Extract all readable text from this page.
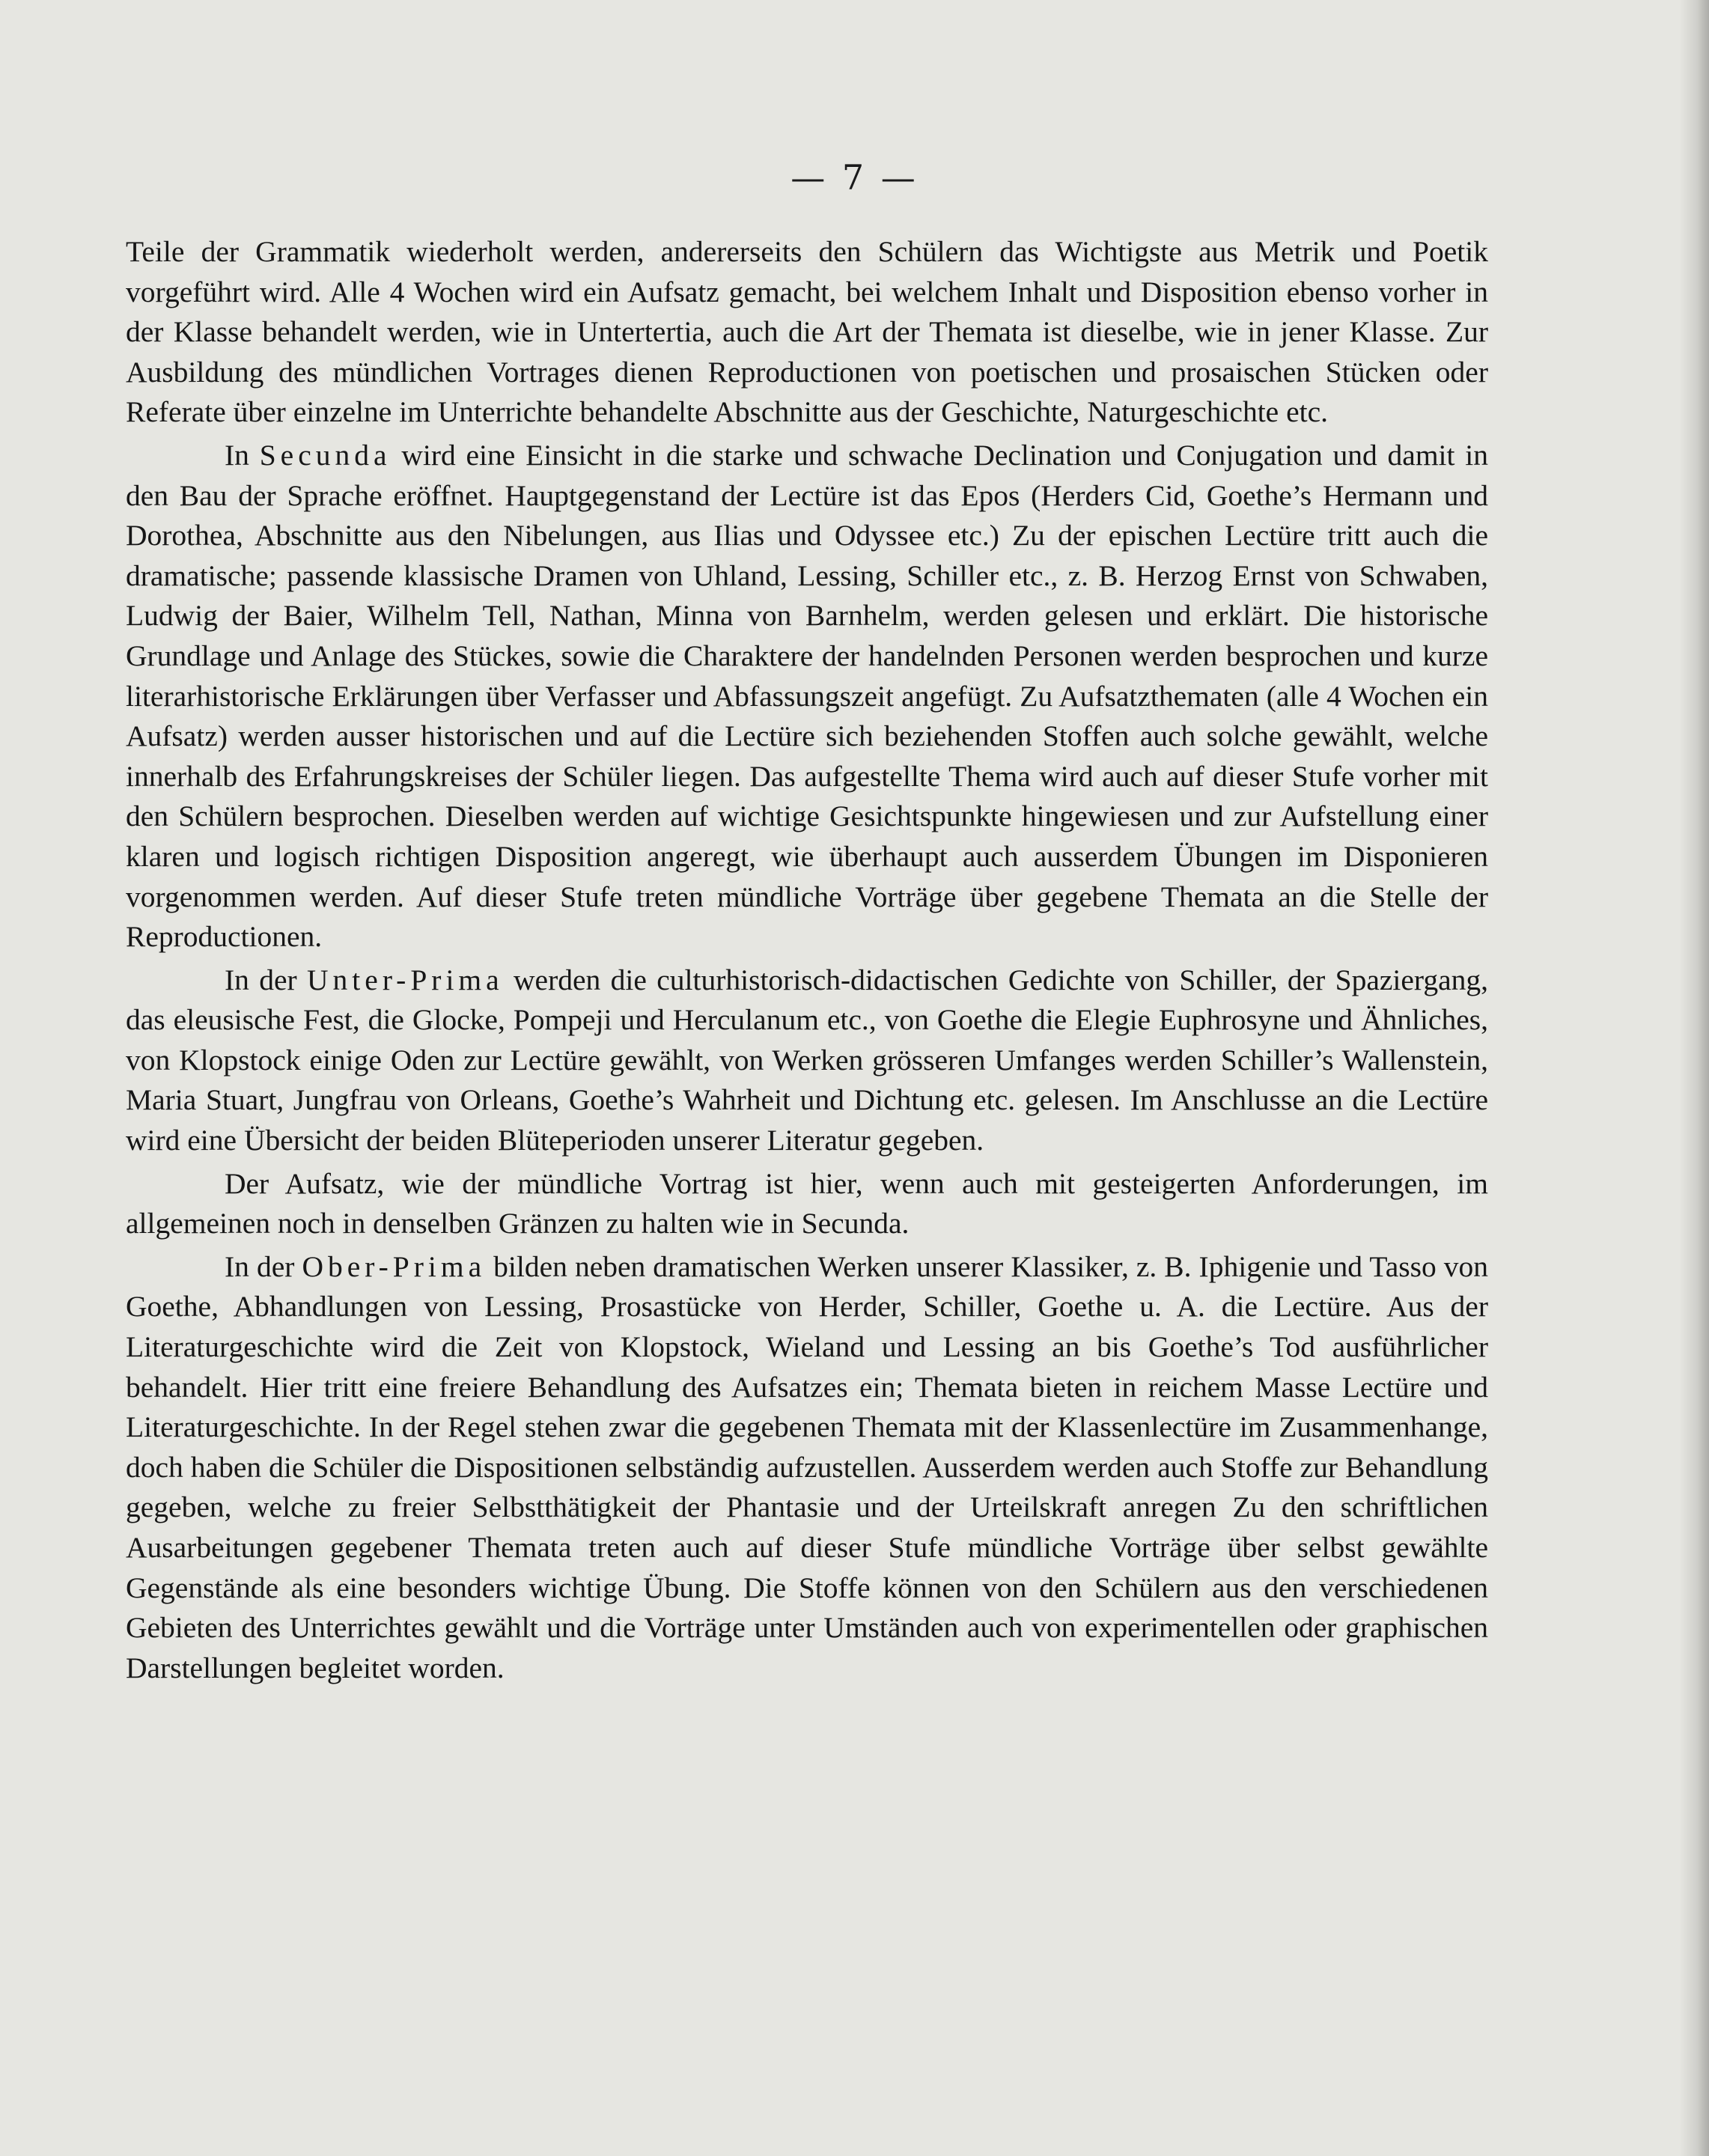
— 7 —

Teile der Grammatik wiederholt werden, andererseits den Schülern das Wichtigste aus Metrik und Poetik vorgeführt wird. Alle 4 Wochen wird ein Aufsatz gemacht, bei welchem Inhalt und Disposition ebenso vorher in der Klasse behandelt werden, wie in Untertertia, auch die Art der Themata ist dieselbe, wie in jener Klasse. Zur Ausbildung des mündlichen Vortrages dienen Reproductionen von poetischen und prosaischen Stücken oder Referate über einzelne im Unterrichte behandelte Abschnitte aus der Geschichte, Naturgeschichte etc.

In Secunda wird eine Einsicht in die starke und schwache Declination und Conjugation und damit in den Bau der Sprache eröffnet. Hauptgegenstand der Lectüre ist das Epos (Herders Cid, Goethe’s Hermann und Dorothea, Abschnitte aus den Nibelungen, aus Ilias und Odyssee etc.) Zu der epischen Lectüre tritt auch die dramatische; passende klassische Dramen von Uhland, Lessing, Schiller etc., z. B. Herzog Ernst von Schwaben, Ludwig der Baier, Wilhelm Tell, Nathan, Minna von Barnhelm, werden gelesen und erklärt. Die historische Grundlage und Anlage des Stückes, sowie die Charaktere der handelnden Personen werden besprochen und kurze literarhistorische Erklärungen über Verfasser und Abfassungszeit angefügt. Zu Aufsatzthematen (alle 4 Wochen ein Aufsatz) werden ausser historischen und auf die Lectüre sich beziehenden Stoffen auch solche gewählt, welche innerhalb des Erfahrungskreises der Schüler liegen. Das aufgestellte Thema wird auch auf dieser Stufe vorher mit den Schülern besprochen. Dieselben werden auf wichtige Gesichtspunkte hingewiesen und zur Aufstellung einer klaren und logisch richtigen Disposition angeregt, wie überhaupt auch ausserdem Übungen im Disponieren vorgenommen werden. Auf dieser Stufe treten mündliche Vorträge über gegebene Themata an die Stelle der Reproductionen.

In der Unter-Prima werden die culturhistorisch-didactischen Gedichte von Schiller, der Spaziergang, das eleusische Fest, die Glocke, Pompeji und Herculanum etc., von Goethe die Elegie Euphrosyne und Ähnliches, von Klopstock einige Oden zur Lectüre gewählt, von Werken grösseren Umfanges werden Schiller’s Wallenstein, Maria Stuart, Jungfrau von Orleans, Goethe’s Wahrheit und Dichtung etc. gelesen. Im Anschlusse an die Lectüre wird eine Übersicht der beiden Blüteperioden unserer Literatur gegeben.

Der Aufsatz, wie der mündliche Vortrag ist hier, wenn auch mit gesteigerten Anforderungen, im allgemeinen noch in denselben Gränzen zu halten wie in Secunda.

In der Ober-Prima bilden neben dramatischen Werken unserer Klassiker, z. B. Iphigenie und Tasso von Goethe, Abhandlungen von Lessing, Prosastücke von Herder, Schiller, Goethe u. A. die Lectüre. Aus der Literaturgeschichte wird die Zeit von Klopstock, Wieland und Lessing an bis Goethe’s Tod ausführlicher behandelt. Hier tritt eine freiere Behandlung des Aufsatzes ein; Themata bieten in reichem Masse Lectüre und Literaturgeschichte. In der Regel stehen zwar die gegebenen Themata mit der Klassenlectüre im Zusammenhange, doch haben die Schüler die Dispositionen selbständig aufzustellen. Ausserdem werden auch Stoffe zur Behandlung gegeben, welche zu freier Selbstthätigkeit der Phantasie und der Urteilskraft anregen Zu den schriftlichen Ausarbeitungen gegebener Themata treten auch auf dieser Stufe mündliche Vorträge über selbst gewählte Gegenstände als eine besonders wichtige Übung. Die Stoffe können von den Schülern aus den verschiedenen Gebieten des Unterrichtes gewählt und die Vorträge unter Umständen auch von experimentellen oder graphischen Darstellungen begleitet worden.
